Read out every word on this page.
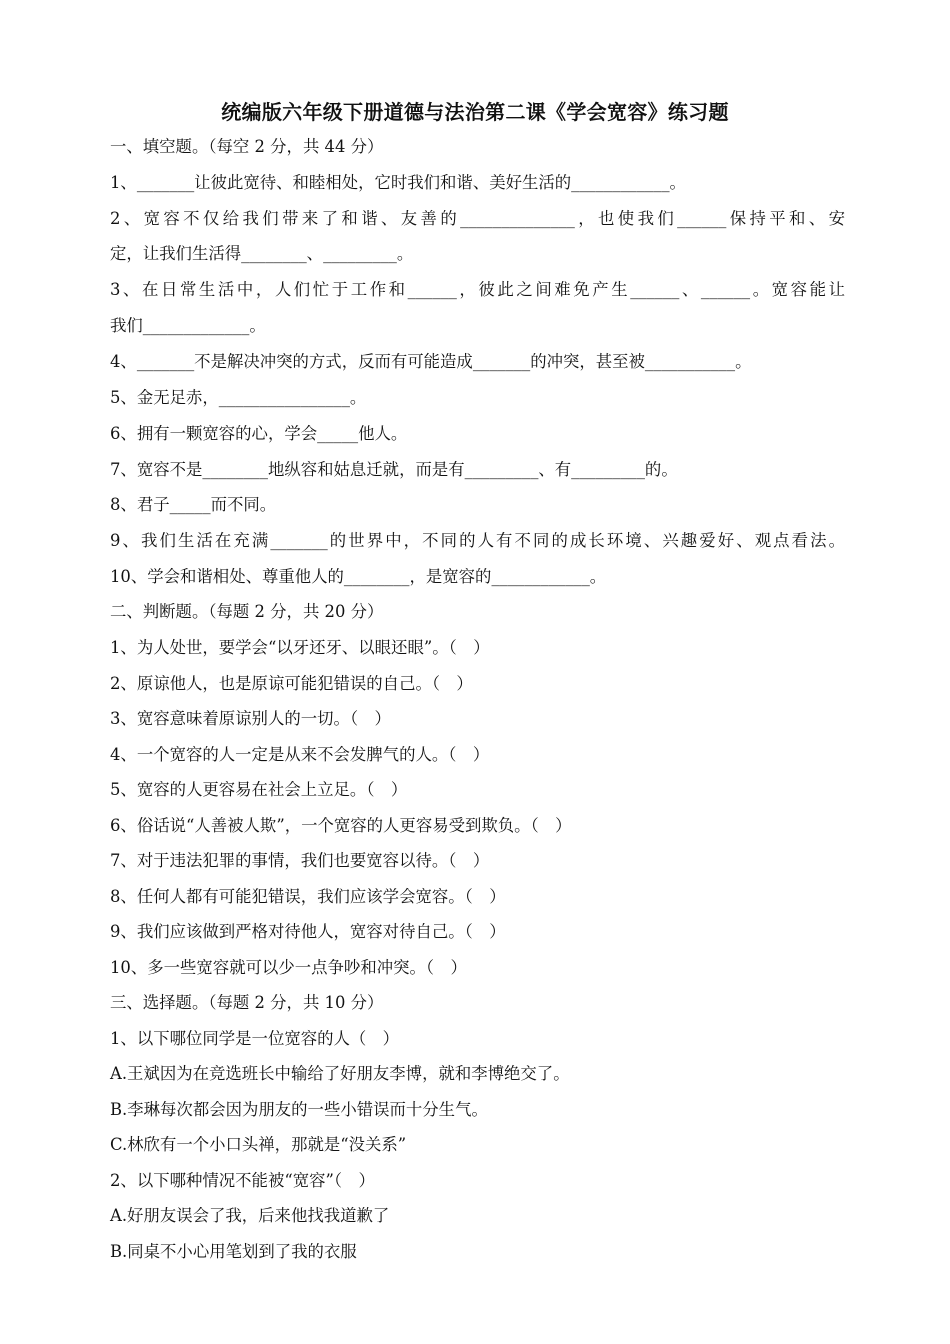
统编版六年级下册道德与法治第二课《学会宽容》练习题
一、填空题。（每空 2 分，共 44 分）
1、_______让彼此宽待、和睦相处，它时我们和谐、美好生活的____________。
2、宽容不仅给我们带来了和谐、友善的______________，也使我们______保持平和、安
定，让我们生活得________、_________。
3、在日常生活中，人们忙于工作和______，彼此之间难免产生______、______。宽容能让
我们_____________。
4、_______不是解决冲突的方式，反而有可能造成_______的冲突，甚至被___________。
5、金无足赤，________________。
6、拥有一颗宽容的心，学会_____他人。
7、宽容不是________地纵容和姑息迁就，而是有_________、有_________的。
8、君子_____而不同。
9、我们生活在充满_______的世界中，不同的人有不同的成长环境、兴趣爱好、观点看法。
10、学会和谐相处、尊重他人的________，是宽容的____________。
二、判断题。（每题 2 分，共 20 分）
1、为人处世，要学会“以牙还牙、以眼还眼”。（　）
2、原谅他人，也是原谅可能犯错误的自己。（　）
3、宽容意味着原谅别人的一切。（　）
4、一个宽容的人一定是从来不会发脾气的人。（　）
5、宽容的人更容易在社会上立足。（　）
6、俗话说“人善被人欺”，一个宽容的人更容易受到欺负。（　）
7、对于违法犯罪的事情，我们也要宽容以待。（　）
8、任何人都有可能犯错误，我们应该学会宽容。（　）
9、我们应该做到严格对待他人，宽容对待自己。（　）
10、多一些宽容就可以少一点争吵和冲突。（　）
三、选择题。（每题 2 分，共 10 分）
1、以下哪位同学是一位宽容的人（　）
A.王斌因为在竞选班长中输给了好朋友李博，就和李博绝交了。
B.李琳每次都会因为朋友的一些小错误而十分生气。
C.林欣有一个小口头禅，那就是“没关系”
2、以下哪种情况不能被“宽容”（　）
A.好朋友误会了我，后来他找我道歉了
B.同桌不小心用笔划到了我的衣服
